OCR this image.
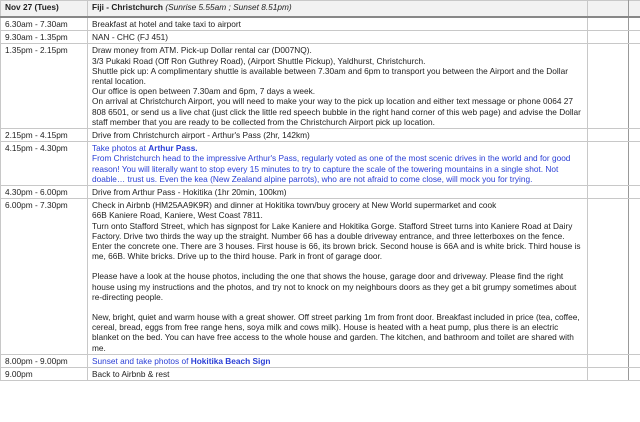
Nov 27 (Tues)	Fiji - Christchurch (Sunrise 5.55am ; Sunset 8.51pm)		
6.30am - 7.30am	Breakfast at hotel and take taxi to airport		

9.30am - 1.35pm	NAN - CHC (FJ 451)		

1.35pm - 2.15pm	Draw money from ATM. Pick-up Dollar rental car (D007NQ).
3/3 Pukaki Road (Off Ron Guthrey Road), (Airport Shuttle Pickup), Yaldhurst, Christchurch.
Shuttle pick up: A complimentary shuttle is available between 7.30am and 6pm to transport you between the Airport and the Dollar rental location.
Our office is open between 7.30am and 6pm, 7 days a week.
On arrival at Christchurch Airport, you will need to make your way to the pick up location and either text message or phone 0064 27 808 6501, or send us a live chat (just click the little red speech bubble in the right hand corner of this web page) and advise the Dollar staff member that you are ready to be collected from the Christchurch Airport pick up location.		

2.15pm - 4.15pm	Drive from Christchurch airport - Arthur's Pass (2hr, 142km)		

4.15pm - 4.30pm	Take photos at Arthur Pass.
From Christchurch head to the impressive Arthur's Pass, regularly voted as one of the most scenic drives in the world and for good reason! You will literally want to stop every 15 minutes to try to capture the scale of the towering mountains in a single shot. Not doable… trust us. Even the kea (New Zealand alpine parrots), who are not afraid to come close, will mock you for trying.		

4.30pm - 6.00pm	Drive from Arthur Pass - Hokitika (1hr 20min, 100km)		

6.00pm - 7.30pm	Check in Airbnb (HM25AA9K9R) and dinner at Hokitika town/buy grocery at New World supermarket and cook
66B Kaniere Road, Kaniere, West Coast 7811.
Turn onto Stafford Street, which has signpost for Lake Kaniere and Hokitika Gorge. Stafford Street turns into Kaniere Road at Dairy Factory. Drive two thirds the way up the straight. Number 66 has a double driveway entrance, and three letterboxes on the fence. Enter the concrete one. There are 3 houses. First house is 66, its brown brick. Second house is 66A and is white brick. Third house is me, 66B. White bricks. Drive up to the third house. Park in front of garage door.
Please have a look at the house photos, including the one that shows the house, garage door and driveway. Please find the right house using my instructions and the photos, and try not to knock on my neighbours doors as they get a bit grumpy sometimes about re-directing people.
New, bright, quiet and warm house with a great shower. Off street parking 1m from front door. Breakfast included in price (tea, coffee, cereal, bread, eggs from free range hens, soya milk and cows milk). House is heated with a heat pump, plus there is an electric blanket on the bed. You can have free access to the whole house and garden. The kitchen, and bathroom and toilet are shared with me.		

8.00pm - 9.00pm	Sunset and take photos of Hokitika Beach Sign		

9.00pm	Back to Airbnb & rest		
